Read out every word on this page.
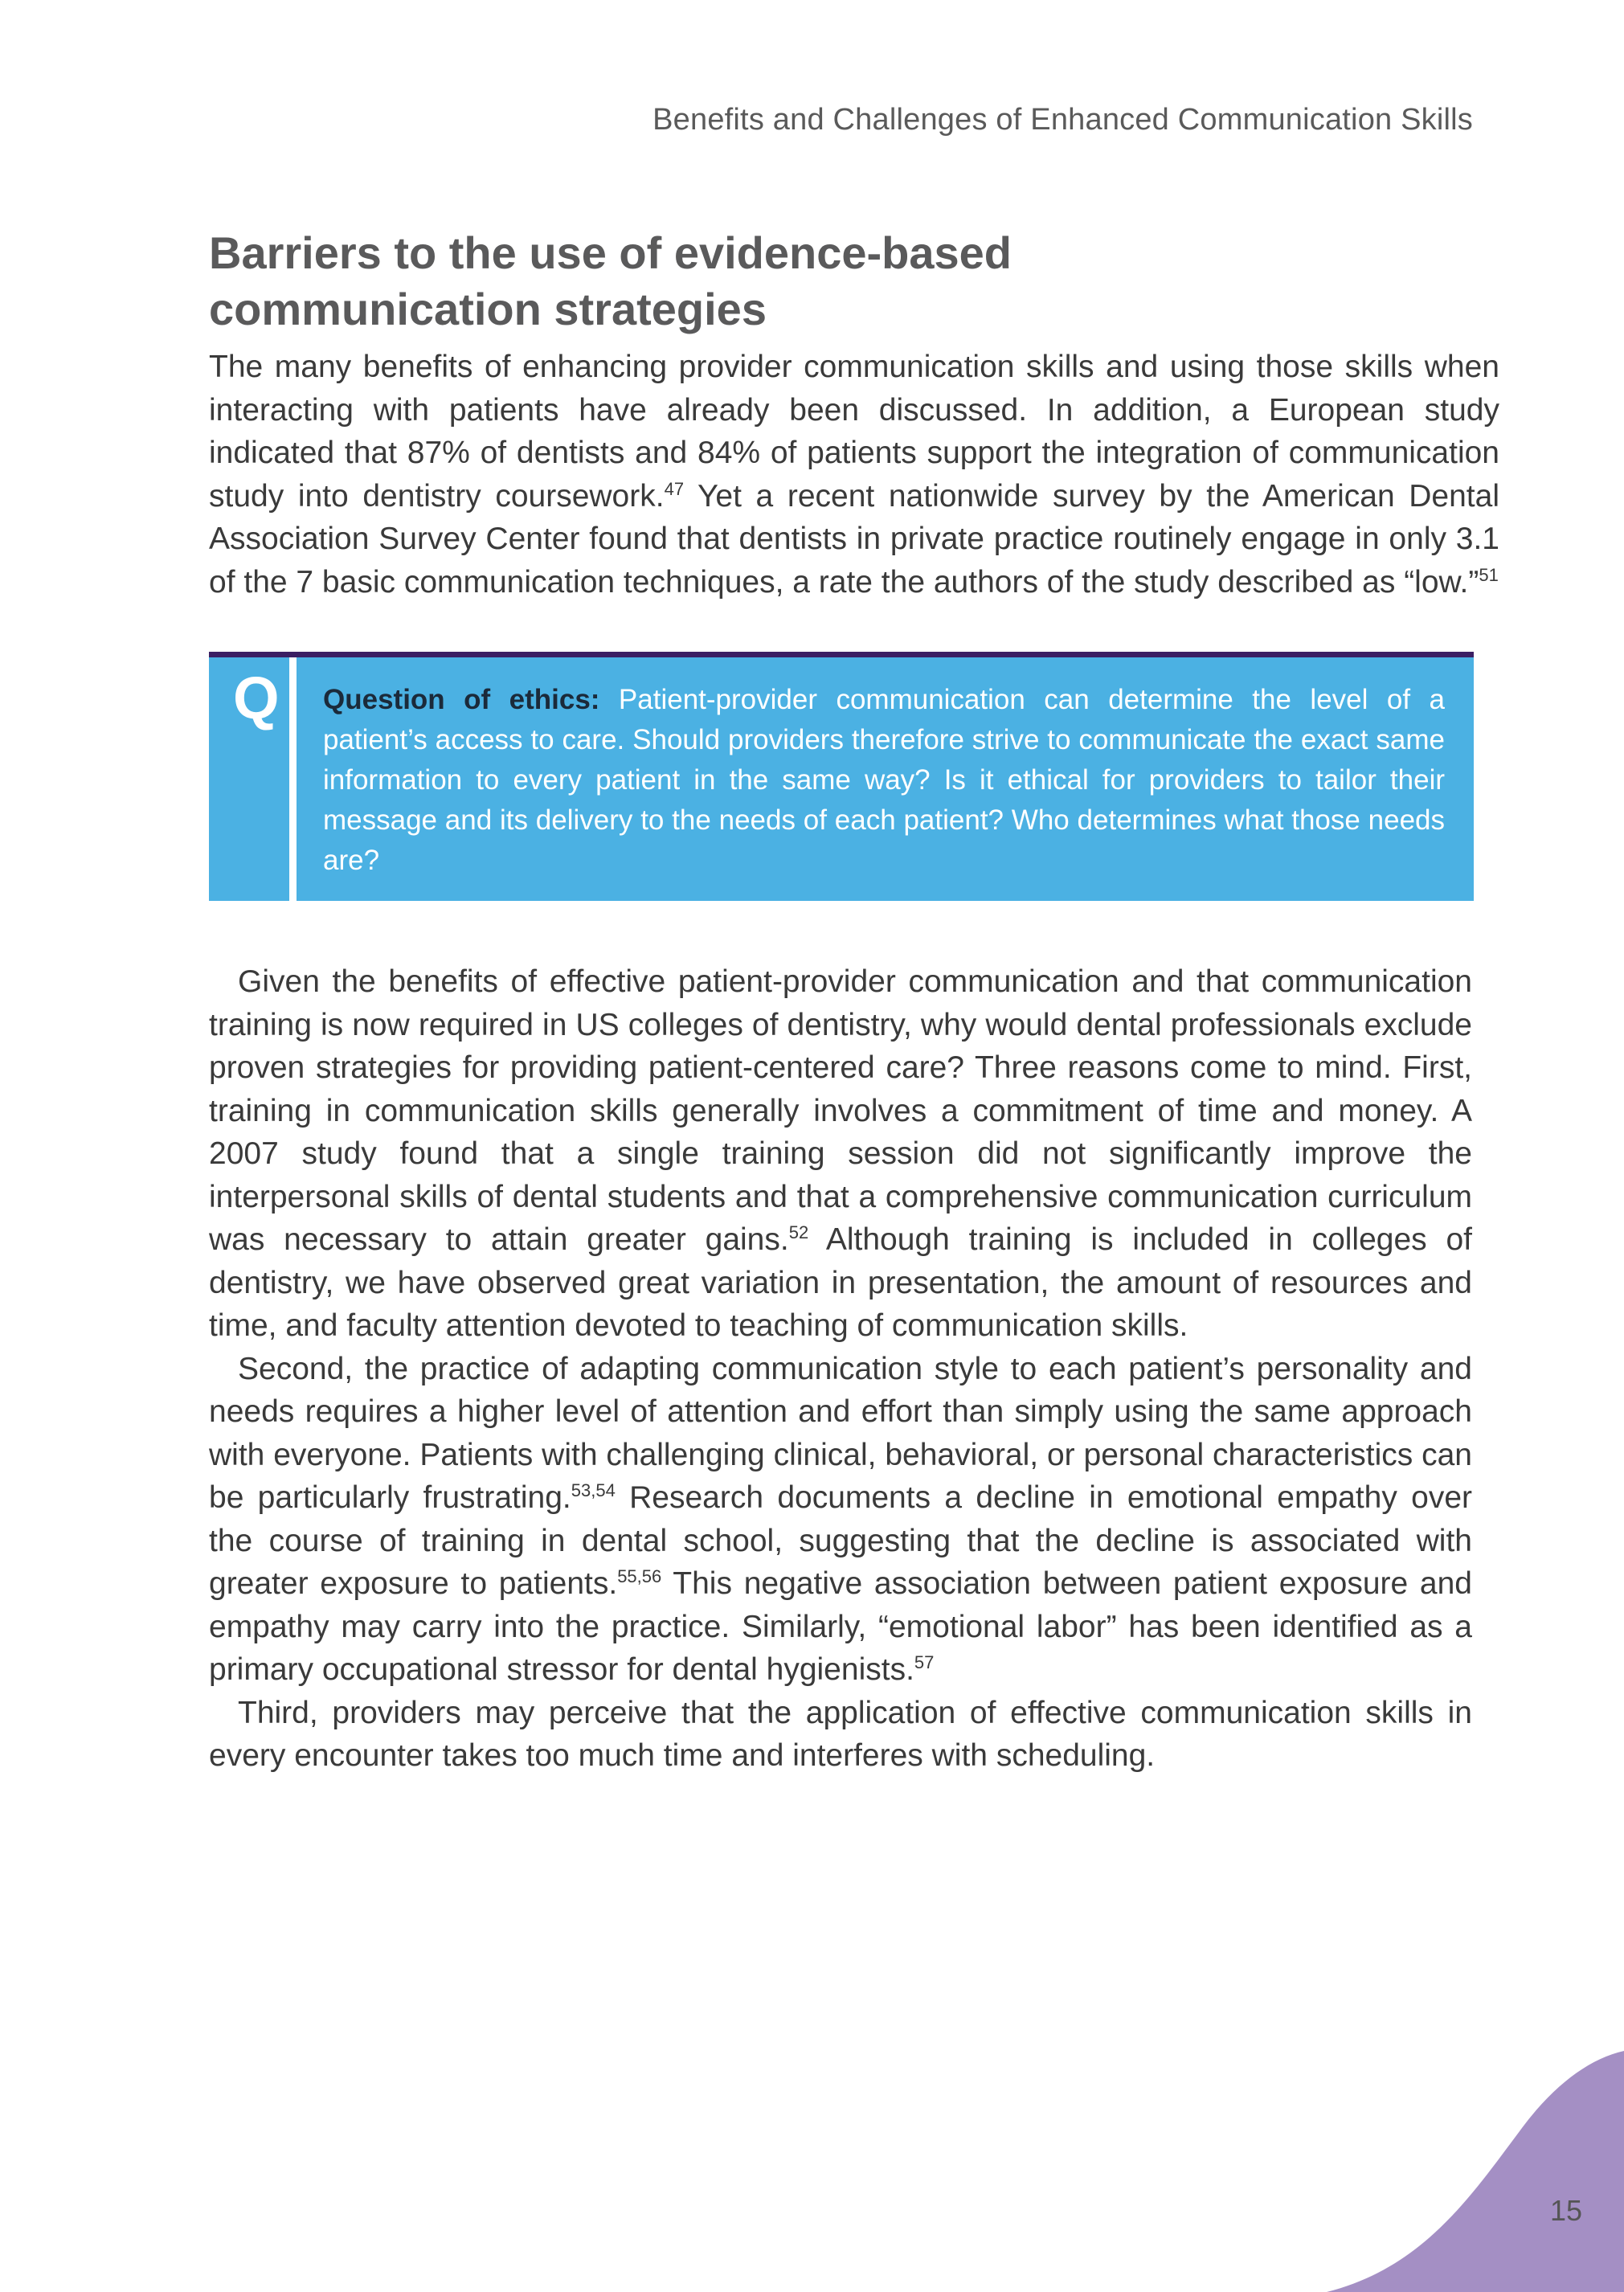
Benefits and Challenges of Enhanced Communication Skills
Barriers to the use of evidence-based
communication strategies

The many benefits of enhancing provider communication skills and using those skills when interacting with patients have already been discussed. In addition, a European study indicated that 87% of dentists and 84% of patients support the integration of communication study into dentistry coursework.$^{47}$ Yet a recent nationwide survey by the American Dental Association Survey Center found that dentists in private practice routinely engage in only 3.1 of the 7 basic communication techniques, a rate the authors of the study described as “low.”$^{51}$

Q Question of ethics: Patient-provider communication can determine the level of a patient’s access to care. Should providers therefore strive to communicate the exact same information to every patient in the same way? Is it ethical for providers to tailor their message and its delivery to the needs of each patient? Who determines what those needs are?

Given the benefits of effective patient-provider communication and that communication training is now required in US colleges of dentistry, why would dental professionals exclude proven strategies for providing patient-centered care? Three reasons come to mind. First, training in communication skills generally involves a commitment of time and money. A 2007 study found that a single training session did not significantly improve the interpersonal skills of dental students and that a comprehensive communication curriculum was necessary to attain greater gains.$^{52}$ Although training is included in colleges of dentistry, we have observed great variation in presentation, the amount of resources and time, and faculty attention devoted to teaching of communication skills.

Second, the practice of adapting communication style to each patient’s personality and needs requires a higher level of attention and effort than simply using the same approach with everyone. Patients with challenging clinical, behavioral, or personal characteristics can be particularly frustrating.$^{53,54}$ Research documents a decline in emotional empathy over the course of training in dental school, suggesting that the decline is associated with greater exposure to patients.$^{55,56}$ This negative association between patient exposure and empathy may carry into the practice. Similarly, “emotional labor” has been identified as a primary occupational stressor for dental hygienists.$^{57}$

Third, providers may perceive that the application of effective communication skills in every encounter takes too much time and interferes with scheduling.

15
